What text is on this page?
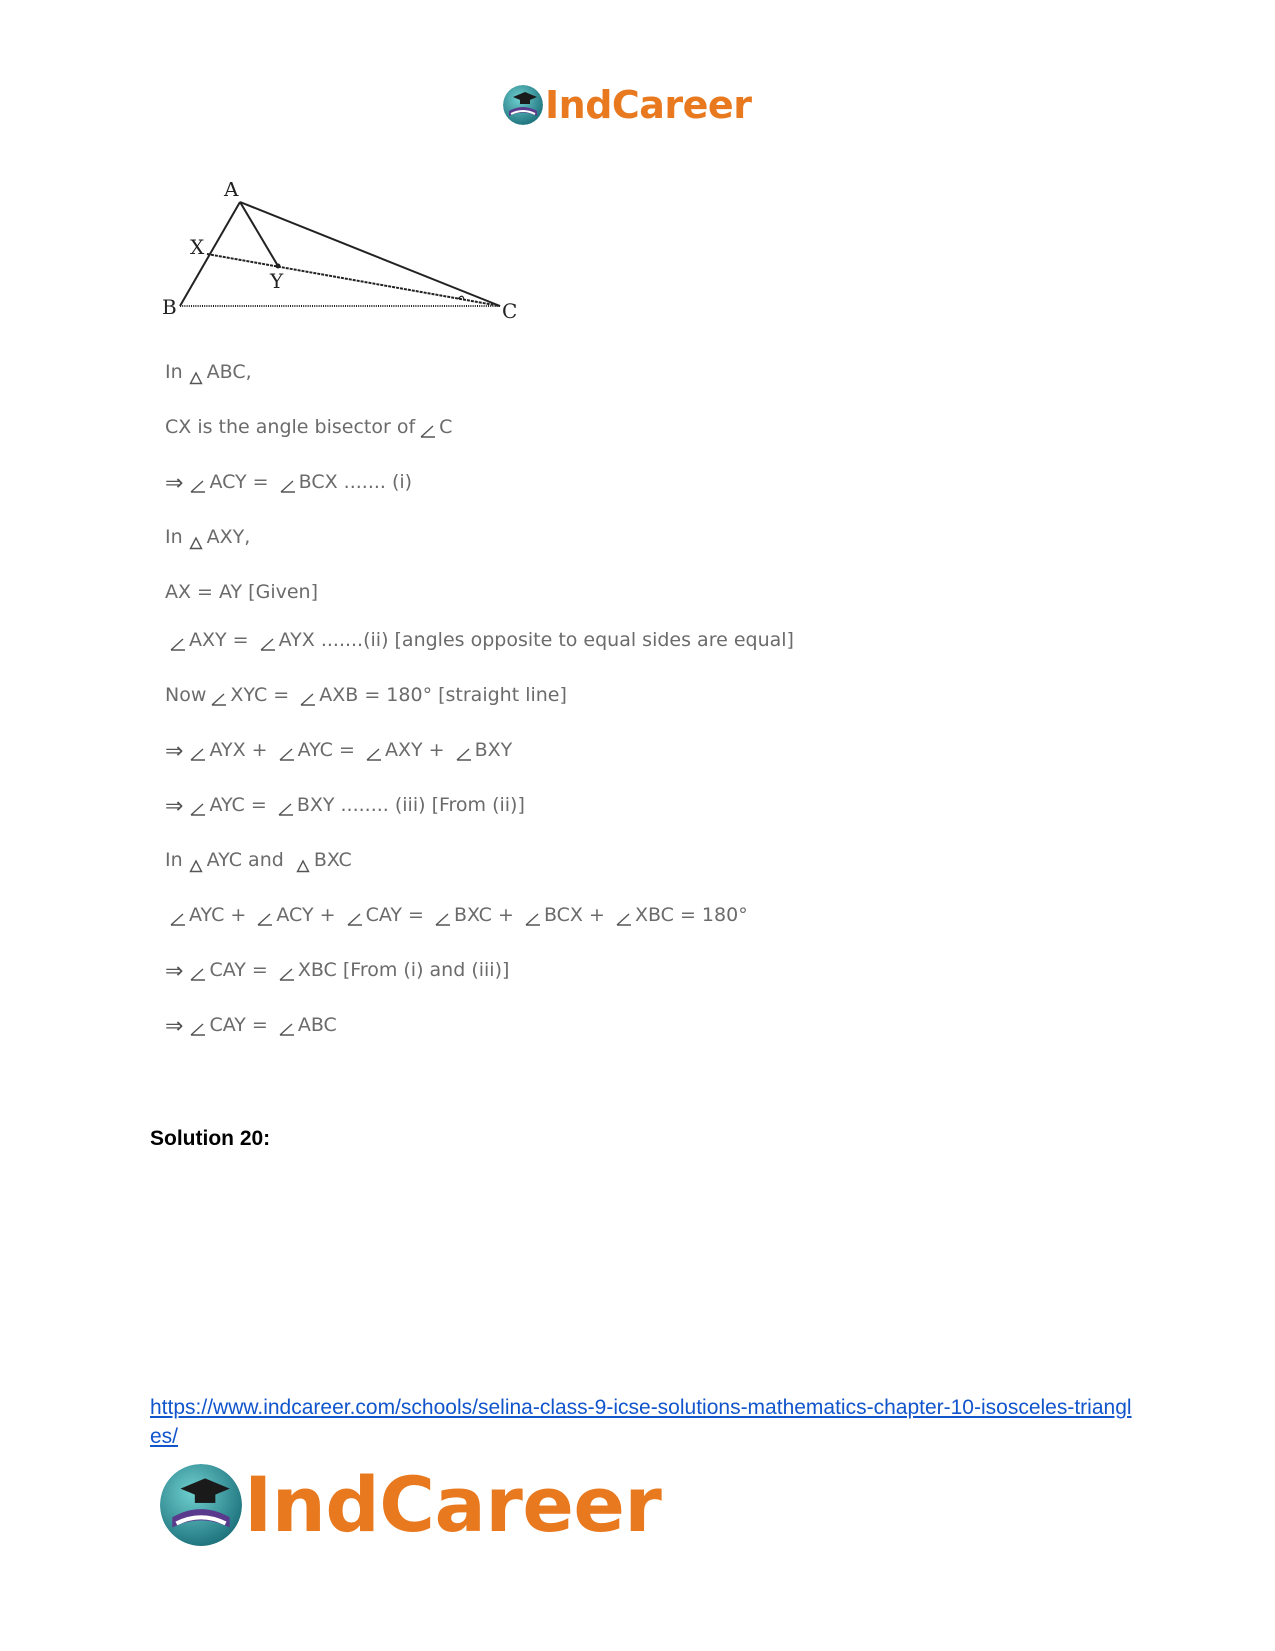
IndCareer
A
X
Y
B	C
In ABC,
CX is the angle bisector of C
⇒ ACY = BCX ....... (i)
In AXY,
AX = AY [Given]
AXY = AYX .......(ii) [angles opposite to equal sides are equal]
Now XYC = AXB = 180° [straight line]
⇒ AYX + AYC = AXY + BXY
⇒ AYC = BXY ........ (iii) [From (ii)]
In AYC and BXC
AYC + ACY + CAY = BXC + BCX + XBC = 180°
⇒ CAY = XBC [From (i) and (iii)]
⇒ CAY = ABC
Solution 20:
https://www.indcareer.com/schools/selina-class-9-icse-solutions-mathematics-chapter-10-isosceles-triangles/
IndCareer
